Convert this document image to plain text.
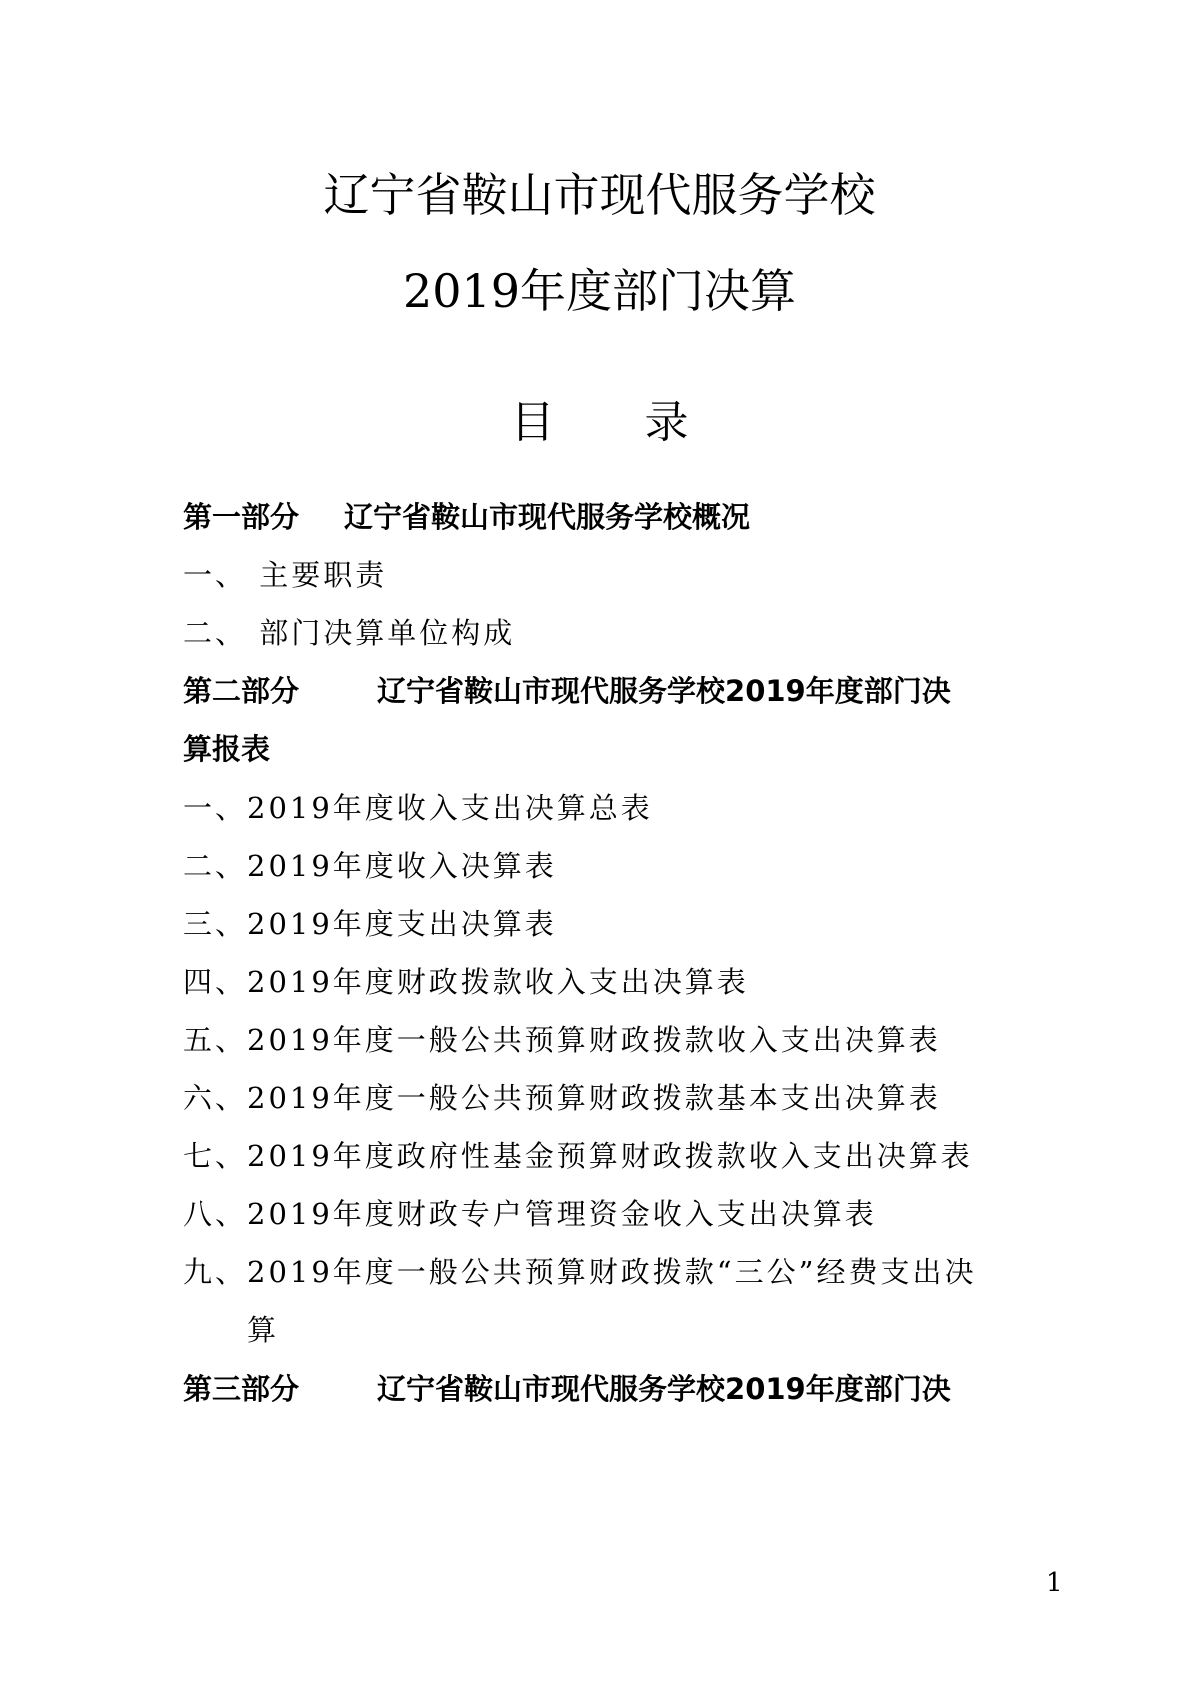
辽宁省鞍山市现代服务学校
2019年度部门决算
目录
第一部分 辽宁省鞍山市现代服务学校概况
一、 主要职责
二、 部门决算单位构成
第二部分	辽宁省鞍山市现代服务学校2019年度部门决
算报表
一、2019年度收入支出决算总表
二、2019年度收入决算表
三、2019年度支出决算表
四、2019年度财政拨款收入支出决算表
五、2019年度一般公共预算财政拨款收入支出决算表
六、2019年度一般公共预算财政拨款基本支出决算表
七、2019年度政府性基金预算财政拨款收入支出决算表
八、2019年度财政专户管理资金收入支出决算表
九、2019年度一般公共预算财政拨款“三公”经费支出决
算
第三部分	辽宁省鞍山市现代服务学校2019年度部门决
1
